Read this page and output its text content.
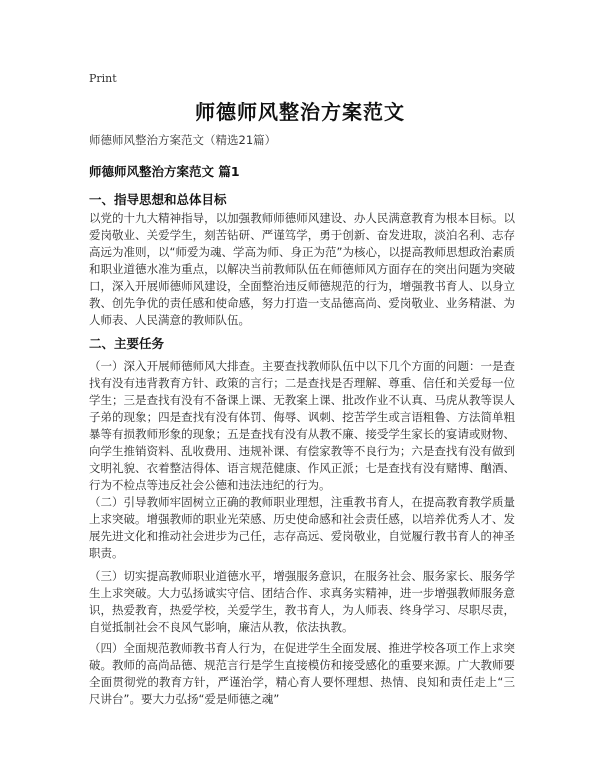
Print
师德师风整治方案范文
师德师风整治方案范文（精选21篇）
师德师风整治方案范文 篇1
一、指导思想和总体目标

以党的十九大精神指导，以加强教师师德师风建设、办人民满意教育为根本目标。以爱岗敬业、关爱学生，刻苦钻研、严谨笃学，勇于创新、奋发进取，淡泊名利、志存高远为准则，以“师爱为魂、学高为师、身正为范”为核心，以提高教师思想政治素质和职业道德水准为重点，以解决当前教师队伍在师德师风方面存在的突出问题为突破口，深入开展师德师风建设，全面整治违反师德规范的行为，增强教书育人、以身立教、创先争优的责任感和使命感，努力打造一支品德高尚、爱岗敬业、业务精湛、为人师表、人民满意的教师队伍。

二、主要任务

（一）深入开展师德师风大排查。主要查找教师队伍中以下几个方面的问题：一是查找有没有违背教育方针、政策的言行；二是查找是否理解、尊重、信任和关爱每一位学生；三是查找有没有不备课上课、无教案上课、批改作业不认真、马虎从教等误人子弟的现象；四是查找有没有体罚、侮辱、讽刺、挖苦学生或言语粗鲁、方法简单粗暴等有损教师形象的现象；五是查找有没有从教不廉、接受学生家长的宴请或财物、向学生推销资料、乱收费用、违规补课、有偿家教等不良行为；六是查找有没有做到文明礼貌、衣着整洁得体、语言规范健康、作风正派；七是查找有没有赌博、酗酒、行为不检点等违反社会公德和违法违纪的行为。

（二）引导教师牢固树立正确的教师职业理想，注重教书育人，在提高教育教学质量上求突破。增强教师的职业光荣感、历史使命感和社会责任感，以培养优秀人才、发展先进文化和推动社会进步为己任，志存高远、爱岗敬业，自觉履行教书育人的神圣职责。

（三）切实提高教师职业道德水平，增强服务意识，在服务社会、服务家长、服务学生上求突破。大力弘扬诚实守信、团结合作、求真务实精神，进一步增强教师服务意识，热爱教育，热爱学校，关爱学生，教书育人，为人师表、终身学习、尽职尽责，自觉抵制社会不良风气影响，廉洁从教，依法执教。

（四）全面规范教师教书育人行为，在促进学生全面发展、推进学校各项工作上求突破。教师的高尚品德、规范言行是学生直接模仿和接受感化的重要来源。广大教师要全面贯彻党的教育方针，严谨治学，精心育人要怀理想、热情、良知和责任走上“三尺讲台”。要大力弘扬“爱是师德之魂”
